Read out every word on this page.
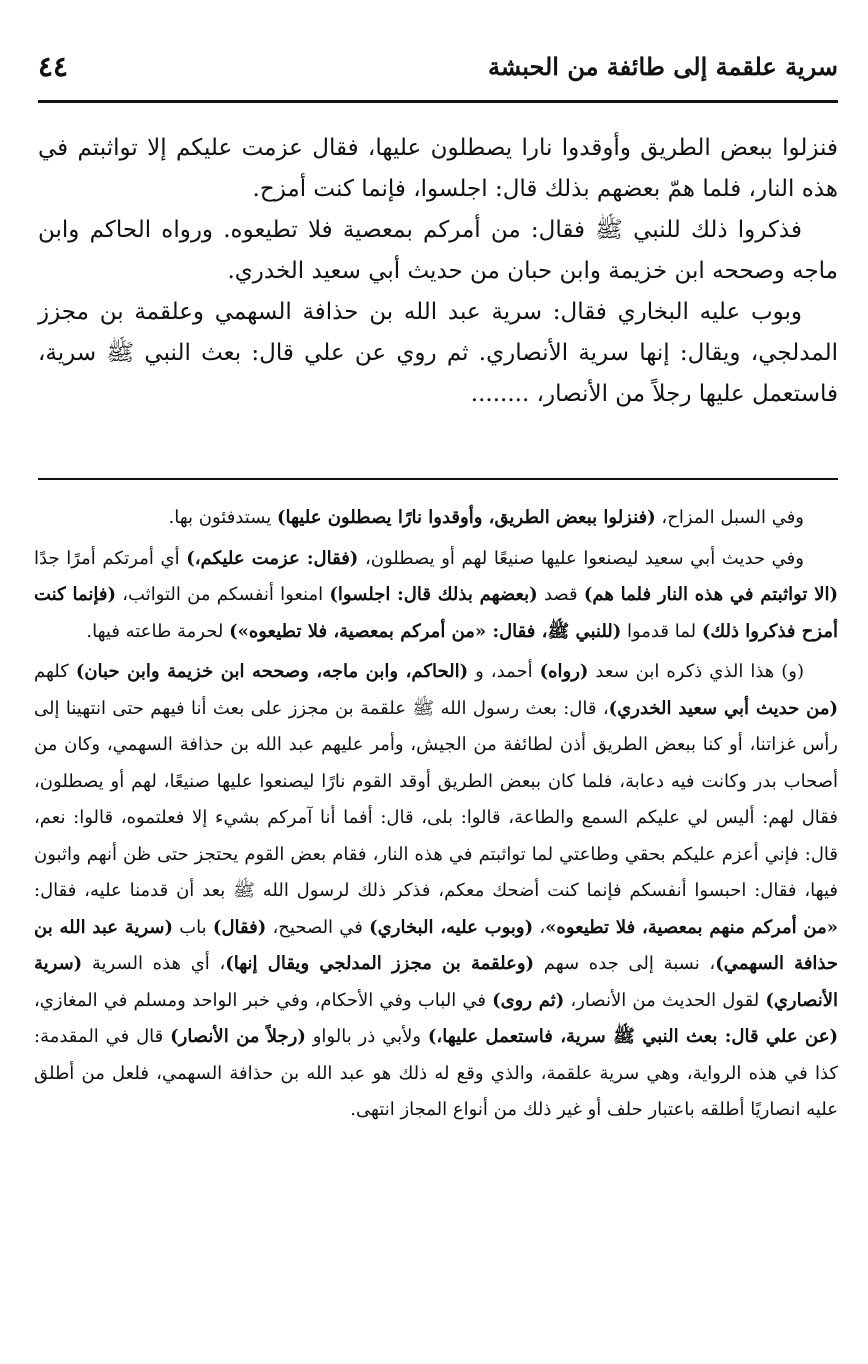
سرية علقمة إلى طائفة من الحبشة
٤٤

فنزلوا ببعض الطريق وأوقدوا نارا يصطلون عليها، فقال عزمت عليكم إلا تواثبتم في هذه النار، فلما همّ بعضهم بذلك قال: اجلسوا، فإنما كنت أمزح.

فذكروا ذلك للنبي ﷺ فقال: من أمركم بمعصية فلا تطيعوه. ورواه الحاكم وابن ماجه وصححه ابن خزيمة وابن حبان من حديث أبي سعيد الخدري.

وبوب عليه البخاري فقال: سرية عبد الله بن حذافة السهمي وعلقمة بن مجزز المدلجي، ويقال: إنها سرية الأنصاري. ثم روي عن علي قال: بعث النبي ﷺ سرية، فاستعمل عليها رجلاً من الأنصار، ........

وفي السبل المزاح، (فنزلوا ببعض الطريق، وأوقدوا نارًا يصطلون عليها) يستدفئون بها.

وفي حديث أبي سعيد ليصنعوا عليها صنيعًا لهم أو يصطلون، (فقال: عزمت عليكم،) أي أمرتكم أمرًا جدًا (الا تواثبتم في هذه النار فلما هم) قصد (بعضهم بذلك قال: اجلسوا) امنعوا أنفسكم من التواثب، (فإنما كنت أمزح فذكروا ذلك) لما قدموا (للنبي ﷺ، فقال: «من أمركم بمعصية، فلا تطيعوه») لحرمة طاعته فيها.

(و) هذا الذي ذكره ابن سعد (رواه) أحمد، و (الحاكم، وابن ماجه، وصححه ابن خزيمة وابن حبان) كلهم (من حديث أبي سعيد الخدري)، قال: بعث رسول الله ﷺ علقمة بن مجزز على بعث أنا فيهم حتى انتهينا إلى رأس غزاتنا، أو كنا ببعض الطريق أذن لطائفة من الجيش، وأمر عليهم عبد الله بن حذافة السهمي، وكان من أصحاب بدر وكانت فيه دعابة، فلما كان ببعض الطريق أوقد القوم نارًا ليصنعوا عليها صنيعًا، لهم أو يصطلون، فقال لهم: أليس لي عليكم السمع والطاعة، قالوا: بلى، قال: أفما أنا آمركم بشيء إلا فعلتموه، قالوا: نعم، قال: فإني أعزم عليكم بحقي وطاعتي لما تواثبتم في هذه النار، فقام بعض القوم يحتجز حتى ظن أنهم واثبون فيها، فقال: احبسوا أنفسكم فإنما كنت أضحك معكم، فذكر ذلك لرسول الله ﷺ بعد أن قدمنا عليه، فقال: «من أمركم منهم بمعصية، فلا تطيعوه»، (وبوب عليه، البخاري) في الصحيح، (فقال) باب (سرية عبد الله بن حذافة السهمي)، نسبة إلى جده سهم (وعلقمة بن مجزز المدلجي ويقال إنها)، أي هذه السرية (سرية الأنصاري) لقول الحديث من الأنصار، (ثم روى) في الباب وفي الأحكام، وفي خبر الواحد ومسلم في المغازي، (عن علي قال: بعث النبي ﷺ سرية، فاستعمل عليها،) ولأبي ذر بالواو (رجلاً من الأنصار) قال في المقدمة: كذا في هذه الرواية، وهي سرية علقمة، والذي وقع له ذلك هو عبد الله بن حذافة السهمي، فلعل من أطلق عليه انصاريًا أطلقه باعتبار حلف أو غير ذلك من أنواع المجاز انتهى.
